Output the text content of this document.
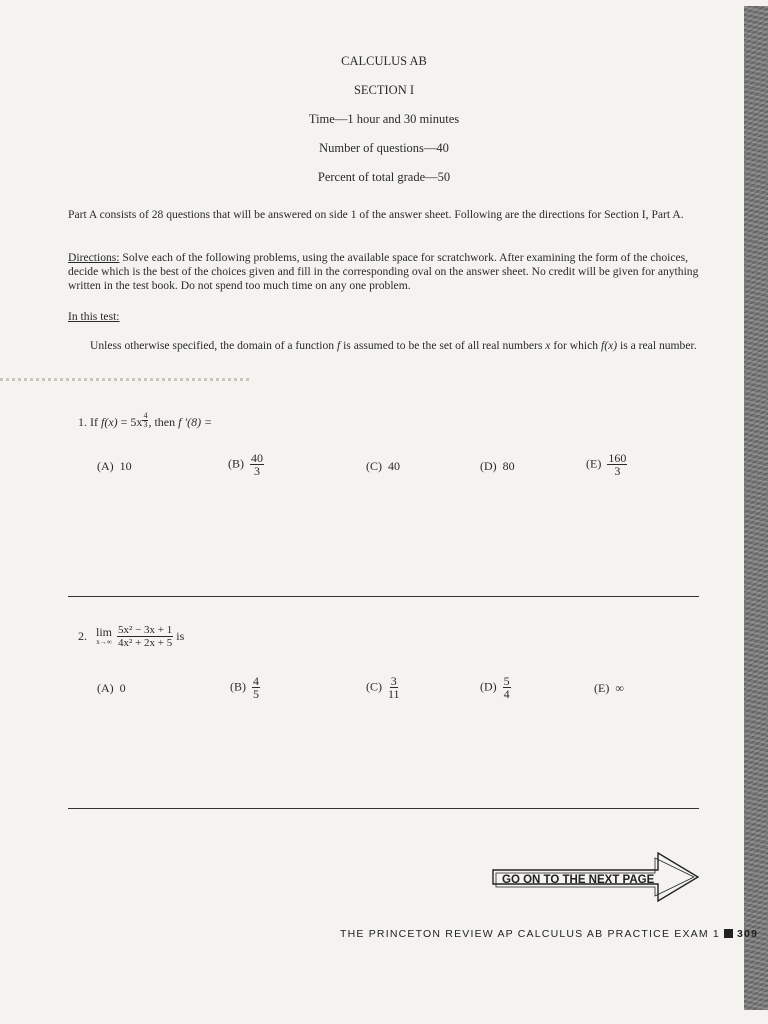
CALCULUS AB
SECTION I
Time—1 hour and 30 minutes
Number of questions—40
Percent of total grade—50
Part A consists of 28 questions that will be answered on side 1 of the answer sheet. Following are the directions for Section I, Part A.
Directions: Solve each of the following problems, using the available space for scratchwork. After examining the form of the choices, decide which is the best of the choices given and fill in the corresponding oval on the answer sheet. No credit will be given for anything written in the test book. Do not spend too much time on any one problem.
In this test:
Unless otherwise specified, the domain of a function f is assumed to be the set of all real numbers x for which f(x) is a real number.
1. If f(x) = 5x $^{\frac{4}{3}}$ , then f ′(8) =
(A) 10	$(B) \frac{40}{3}$	(C) 40	(D) 80	$(E) \frac{160}{3}$
2. lim
x→∞
$\frac{\text{5x² − 3x + 1}}{\text{4x² + 2x + 5}}$ is
(A) 0	$(B) \frac{4}{5}$	$(C) \frac{3}{11}$	$(D) \frac{5}{4}$	(E) ∞
GO ON TO THE NEXT PAGE
THE PRINCETON REVIEW AP CALCULUS AB PRACTICE EXAM 1 309
